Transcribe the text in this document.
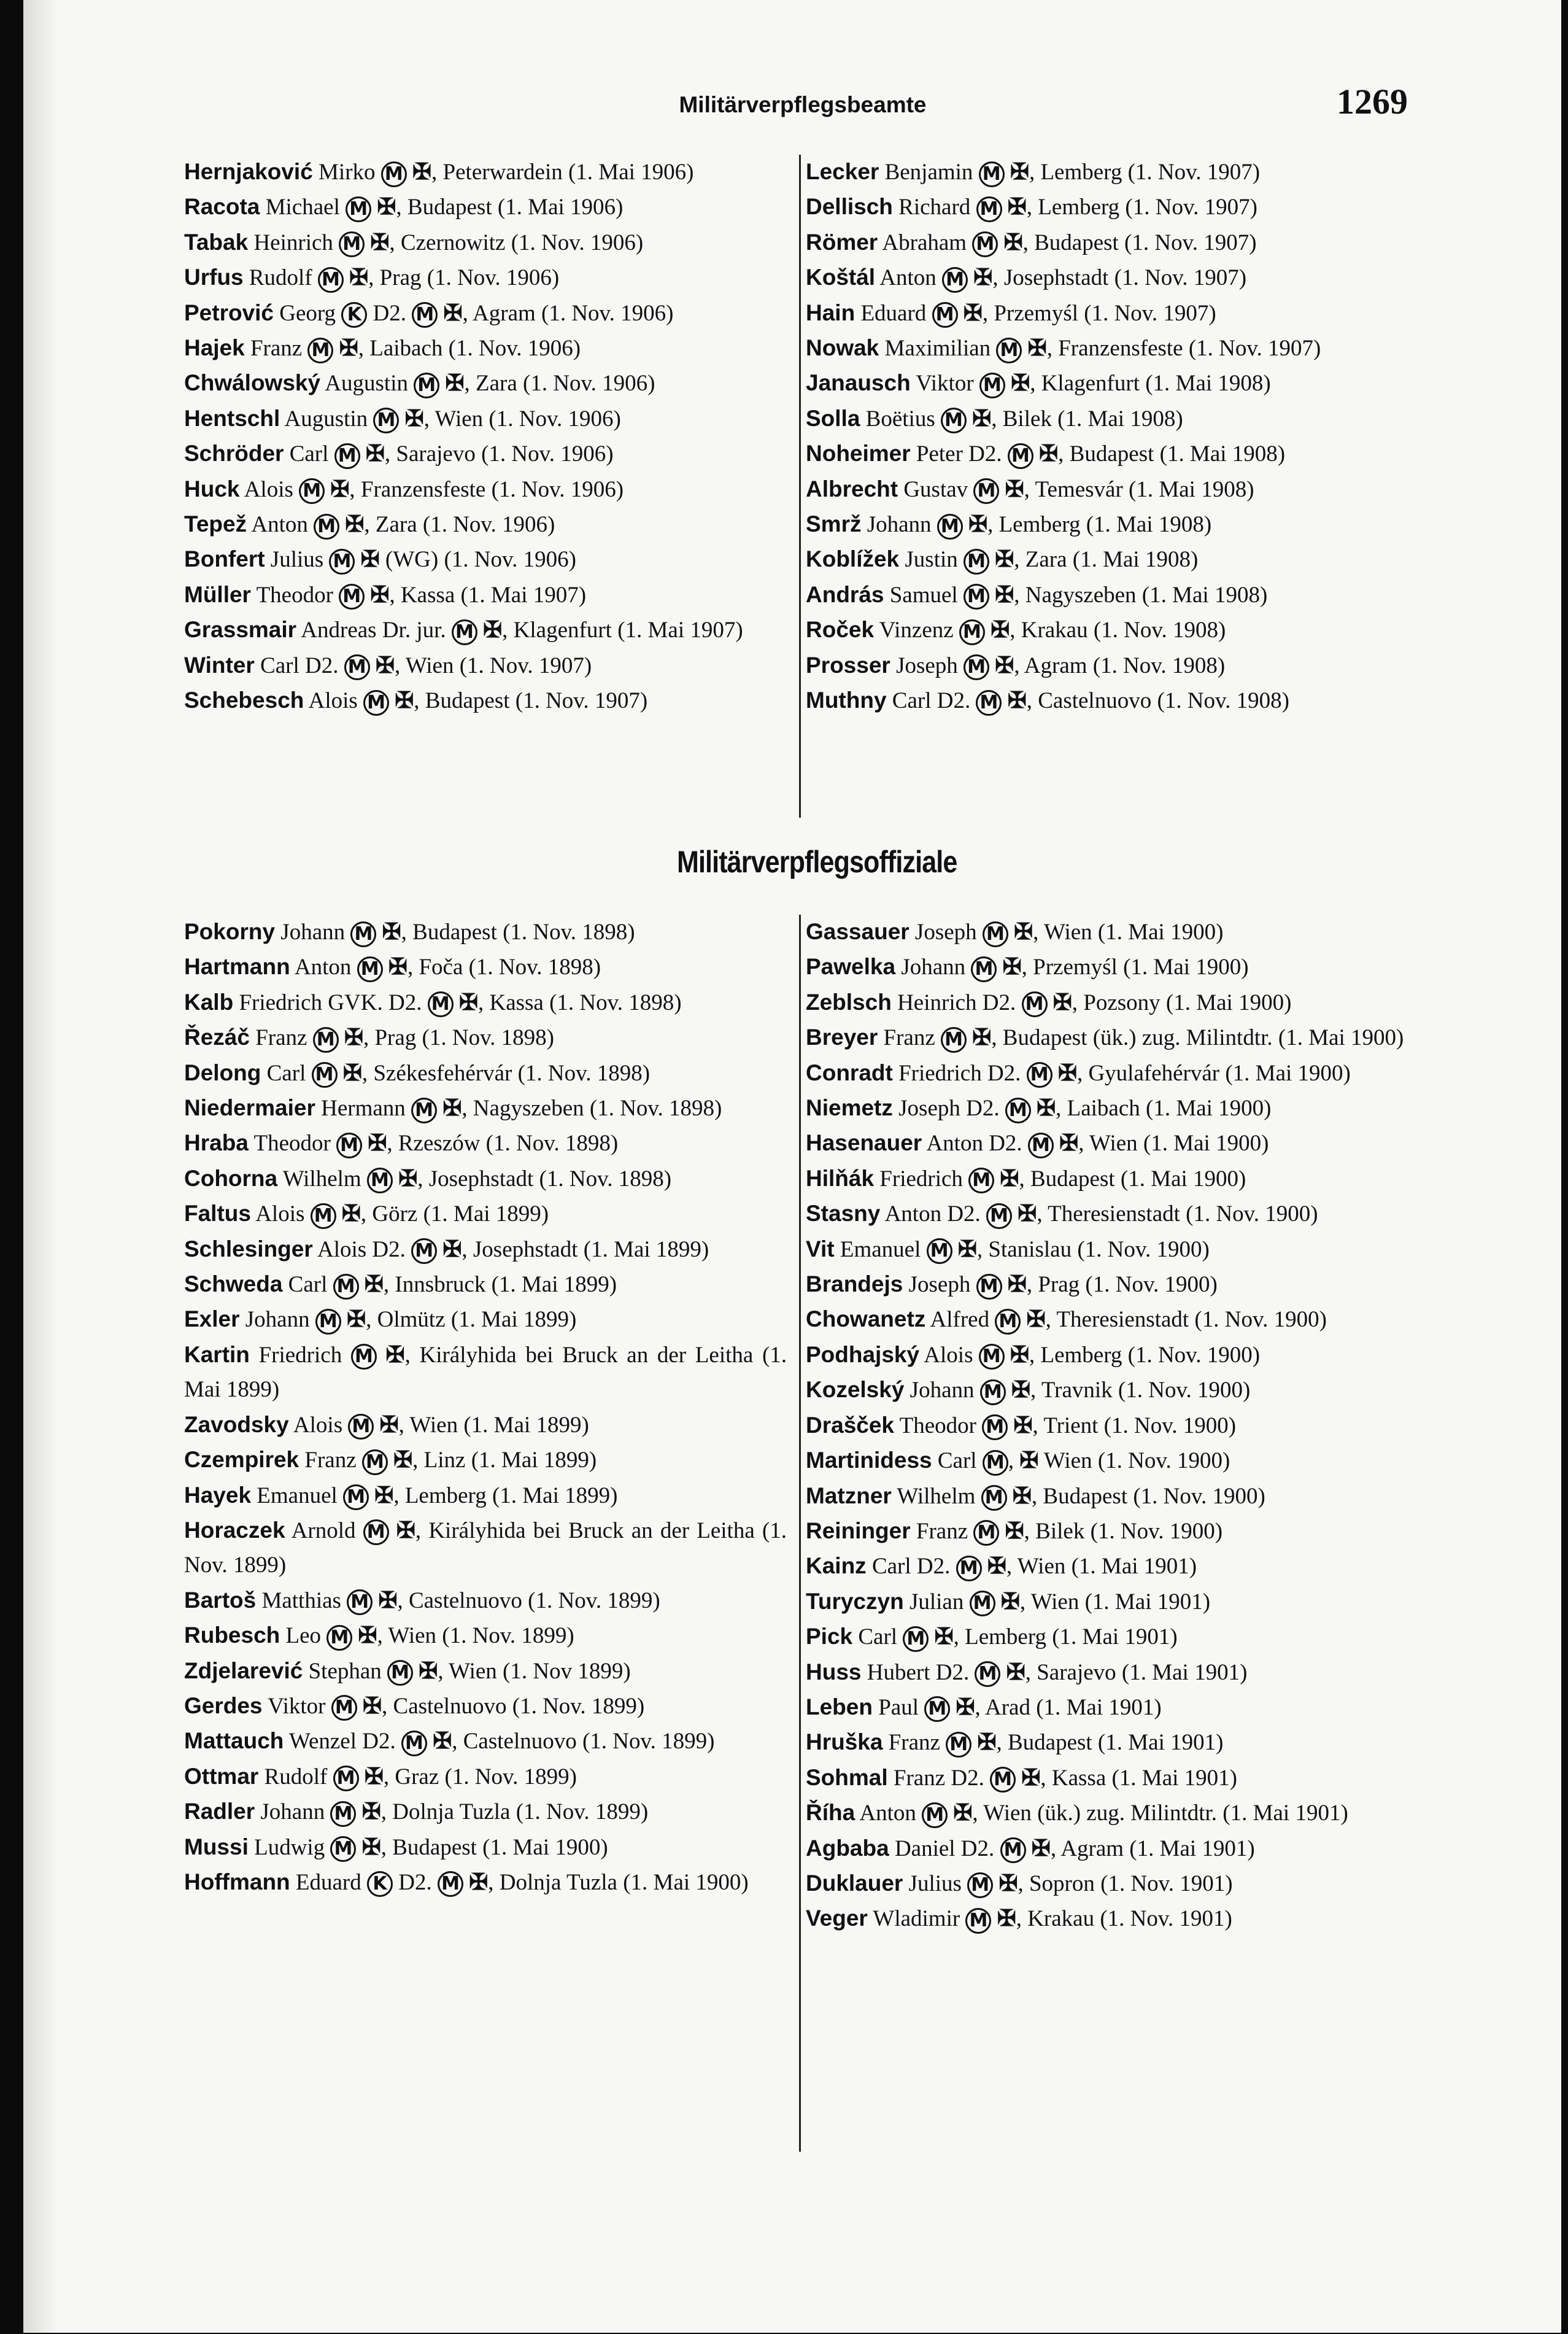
Militärverpflegsbeamte	1269
Hernjaković Mirko M ✠, Peterwardein (1. Mai 1906)
Racota Michael M ✠, Budapest (1. Mai 1906)
Tabak Heinrich M ✠, Czernowitz (1. Nov. 1906)
Urfus Rudolf M ✠, Prag (1. Nov. 1906)
Petrović Georg K D2. M ✠, Agram (1. Nov. 1906)
Hajek Franz M ✠, Laibach (1. Nov. 1906)
Chwálowský Augustin M ✠, Zara (1. Nov. 1906)
Hentschl Augustin M ✠, Wien (1. Nov. 1906)
Schröder Carl M ✠, Sarajevo (1. Nov. 1906)
Huck Alois M ✠, Franzensfeste (1. Nov. 1906)
Tepež Anton M ✠, Zara (1. Nov. 1906)
Bonfert Julius M ✠ (WG) (1. Nov. 1906)
Müller Theodor M ✠, Kassa (1. Mai 1907)
Grassmair Andreas Dr. jur. M ✠, Klagenfurt (1. Mai 1907)
Winter Carl D2. M ✠, Wien (1. Nov. 1907)
Schebesch Alois M ✠, Budapest (1. Nov. 1907)
Lecker Benjamin M ✠, Lemberg (1. Nov. 1907)
Dellisch Richard M ✠, Lemberg (1. Nov. 1907)
Römer Abraham M ✠, Budapest (1. Nov. 1907)
Koštál Anton M ✠, Josephstadt (1. Nov. 1907)
Hain Eduard M ✠, Przemyśl (1. Nov. 1907)
Nowak Maximilian M ✠, Franzensfeste (1. Nov. 1907)
Janausch Viktor M ✠, Klagenfurt (1. Mai 1908)
Solla Boëtius M ✠, Bilek (1. Mai 1908)
Noheimer Peter D2. M ✠, Budapest (1. Mai 1908)
Albrecht Gustav M ✠, Temesvár (1. Mai 1908)
Smrž Johann M ✠, Lemberg (1. Mai 1908)
Koblížek Justin M ✠, Zara (1. Mai 1908)
András Samuel M ✠, Nagyszeben (1. Mai 1908)
Roček Vinzenz M ✠, Krakau (1. Nov. 1908)
Prosser Joseph M ✠, Agram (1. Nov. 1908)
Muthny Carl D2. M ✠, Castelnuovo (1. Nov. 1908)
Militärverpflegsoffiziale
Pokorny Johann M ✠, Budapest (1. Nov. 1898)
Hartmann Anton M ✠, Foča (1. Nov. 1898)
Kalb Friedrich GVK. D2. M ✠, Kassa (1. Nov. 1898)
Řezáč Franz M ✠, Prag (1. Nov. 1898)
Delong Carl M ✠, Székesfehérvár (1. Nov. 1898)
Niedermaier Hermann M ✠, Nagyszeben (1. Nov. 1898)
Hraba Theodor M ✠, Rzeszów (1. Nov. 1898)
Cohorna Wilhelm M ✠, Josephstadt (1. Nov. 1898)
Faltus Alois M ✠, Görz (1. Mai 1899)
Schlesinger Alois D2. M ✠, Josephstadt (1. Mai 1899)
Schweda Carl M ✠, Innsbruck (1. Mai 1899)
Exler Johann M ✠, Olmütz (1. Mai 1899)
Kartin Friedrich M ✠, Királyhida bei Bruck an der Leitha (1. Mai 1899)
Zavodsky Alois M ✠, Wien (1. Mai 1899)
Czempirek Franz M ✠, Linz (1. Mai 1899)
Hayek Emanuel M ✠, Lemberg (1. Mai 1899)
Horaczek Arnold M ✠, Királyhida bei Bruck an der Leitha (1. Nov. 1899)
Bartoš Matthias M ✠, Castelnuovo (1. Nov. 1899)
Rubesch Leo M ✠, Wien (1. Nov. 1899)
Zdjelarević Stephan M ✠, Wien (1. Nov 1899)
Gerdes Viktor M ✠, Castelnuovo (1. Nov. 1899)
Mattauch Wenzel D2. M ✠, Castelnuovo (1. Nov. 1899)
Ottmar Rudolf M ✠, Graz (1. Nov. 1899)
Radler Johann M ✠, Dolnja Tuzla (1. Nov. 1899)
Mussi Ludwig M ✠, Budapest (1. Mai 1900)
Hoffmann Eduard K D2. M ✠, Dolnja Tuzla (1. Mai 1900)
Gassauer Joseph M ✠, Wien (1. Mai 1900)
Pawelka Johann M ✠, Przemyśl (1. Mai 1900)
Zeblsch Heinrich D2. M ✠, Pozsony (1. Mai 1900)
Breyer Franz M ✠, Budapest (ük.) zug. Milintdtr. (1. Mai 1900)
Conradt Friedrich D2. M ✠, Gyulafehérvár (1. Mai 1900)
Niemetz Joseph D2. M ✠, Laibach (1. Mai 1900)
Hasenauer Anton D2. M ✠, Wien (1. Mai 1900)
Hilňák Friedrich M ✠, Budapest (1. Mai 1900)
Stasny Anton D2. M ✠, Theresienstadt (1. Nov. 1900)
Vit Emanuel M ✠, Stanislau (1. Nov. 1900)
Brandejs Joseph M ✠, Prag (1. Nov. 1900)
Chowanetz Alfred M ✠, Theresienstadt (1. Nov. 1900)
Podhajský Alois M ✠, Lemberg (1. Nov. 1900)
Kozelský Johann M ✠, Travnik (1. Nov. 1900)
Drašček Theodor M ✠, Trient (1. Nov. 1900)
Martinidess Carl M , ✠ Wien (1. Nov. 1900)
Matzner Wilhelm M ✠, Budapest (1. Nov. 1900)
Reininger Franz M ✠, Bilek (1. Nov. 1900)
Kainz Carl D2. M ✠, Wien (1. Mai 1901)
Turyczyn Julian M ✠, Wien (1. Mai 1901)
Pick Carl M ✠, Lemberg (1. Mai 1901)
Huss Hubert D2. M ✠, Sarajevo (1. Mai 1901)
Leben Paul M ✠, Arad (1. Mai 1901)
Hruška Franz M ✠, Budapest (1. Mai 1901)
Sohmal Franz D2. M ✠, Kassa (1. Mai 1901)
Říha Anton M ✠, Wien (ük.) zug. Milintdtr. (1. Mai 1901)
Agbaba Daniel D2. M ✠, Agram (1. Mai 1901)
Duklauer Julius M ✠, Sopron (1. Nov. 1901)
Veger Wladimir M ✠, Krakau (1. Nov. 1901)
